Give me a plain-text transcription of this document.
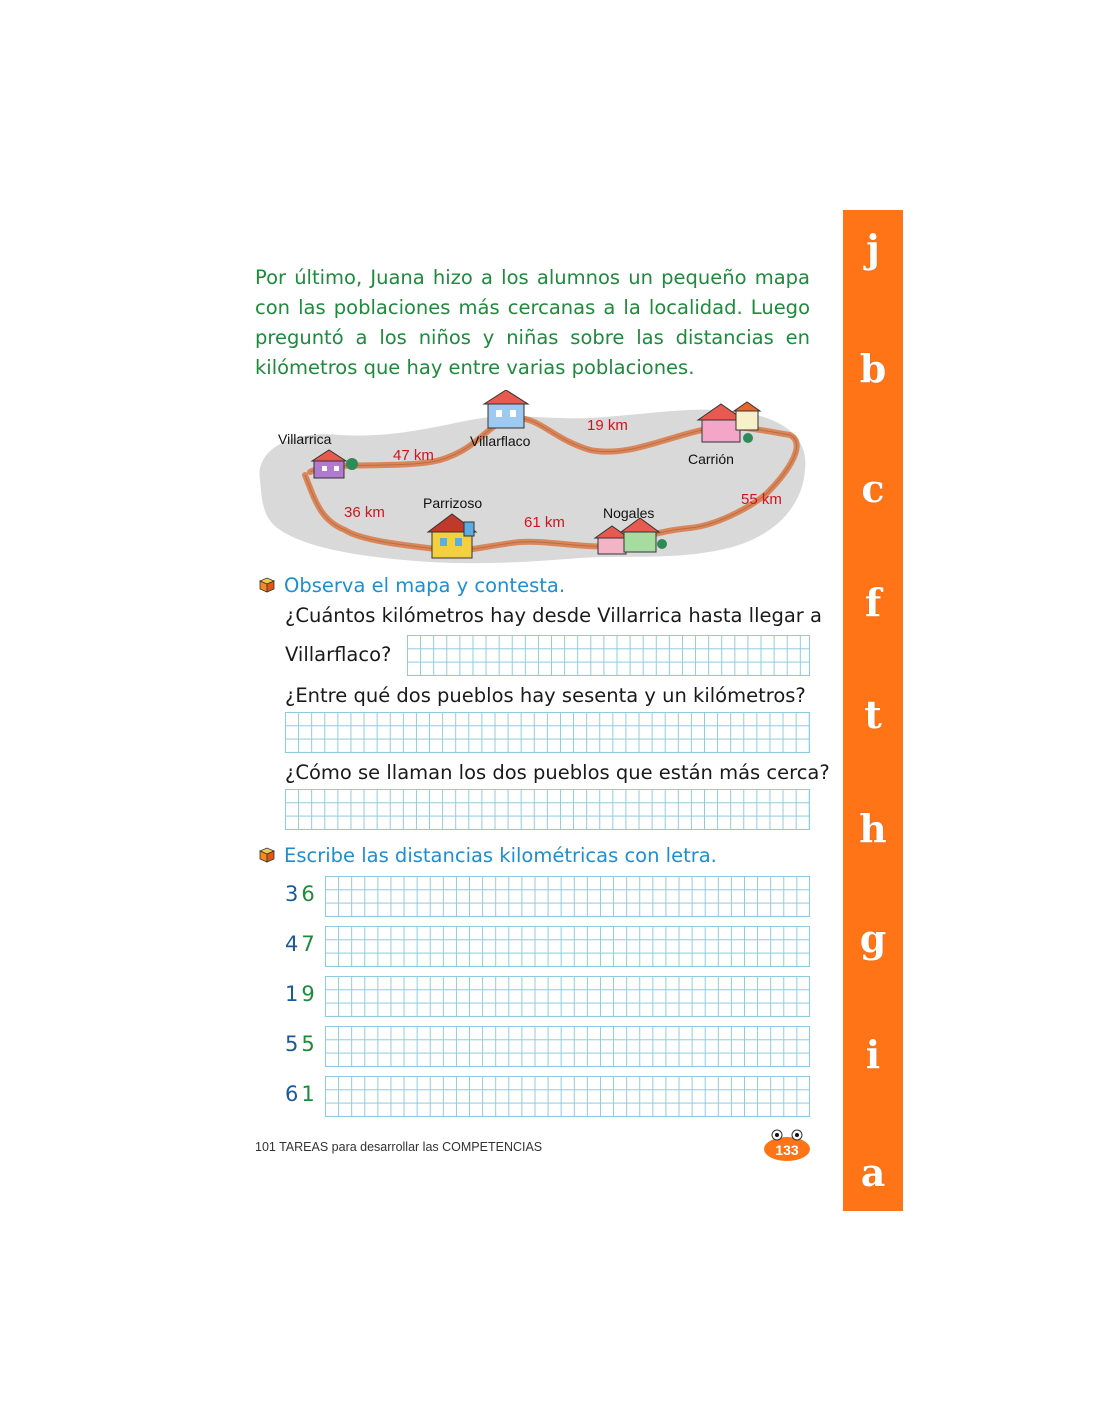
Por último, Juana hizo a los alumnos un pequeño mapa con las poblaciones más cercanas a la localidad. Luego preguntó a los niños y niñas sobre las distancias en kilómetros que hay entre varias poblaciones.

Villarrica	Villarflaco
Carrión
Parrizoso
Nogales
47 km
19 km
55 km
61 km
36 km
Observa el mapa y contesta.

¿Cuántos kilómetros hay desde Villarrica hasta llegar a

Villarflaco?

¿Entre qué dos pueblos hay sesenta y un kilómetros?

¿Cómo se llaman los dos pueblos que están más cerca?

Escribe las distancias kilométricas con letra.
36
47
19
55
61
101 TAREAS para desarrollar las COMPETENCIAS	133
j
b
c
f
t
h
g
i
a
